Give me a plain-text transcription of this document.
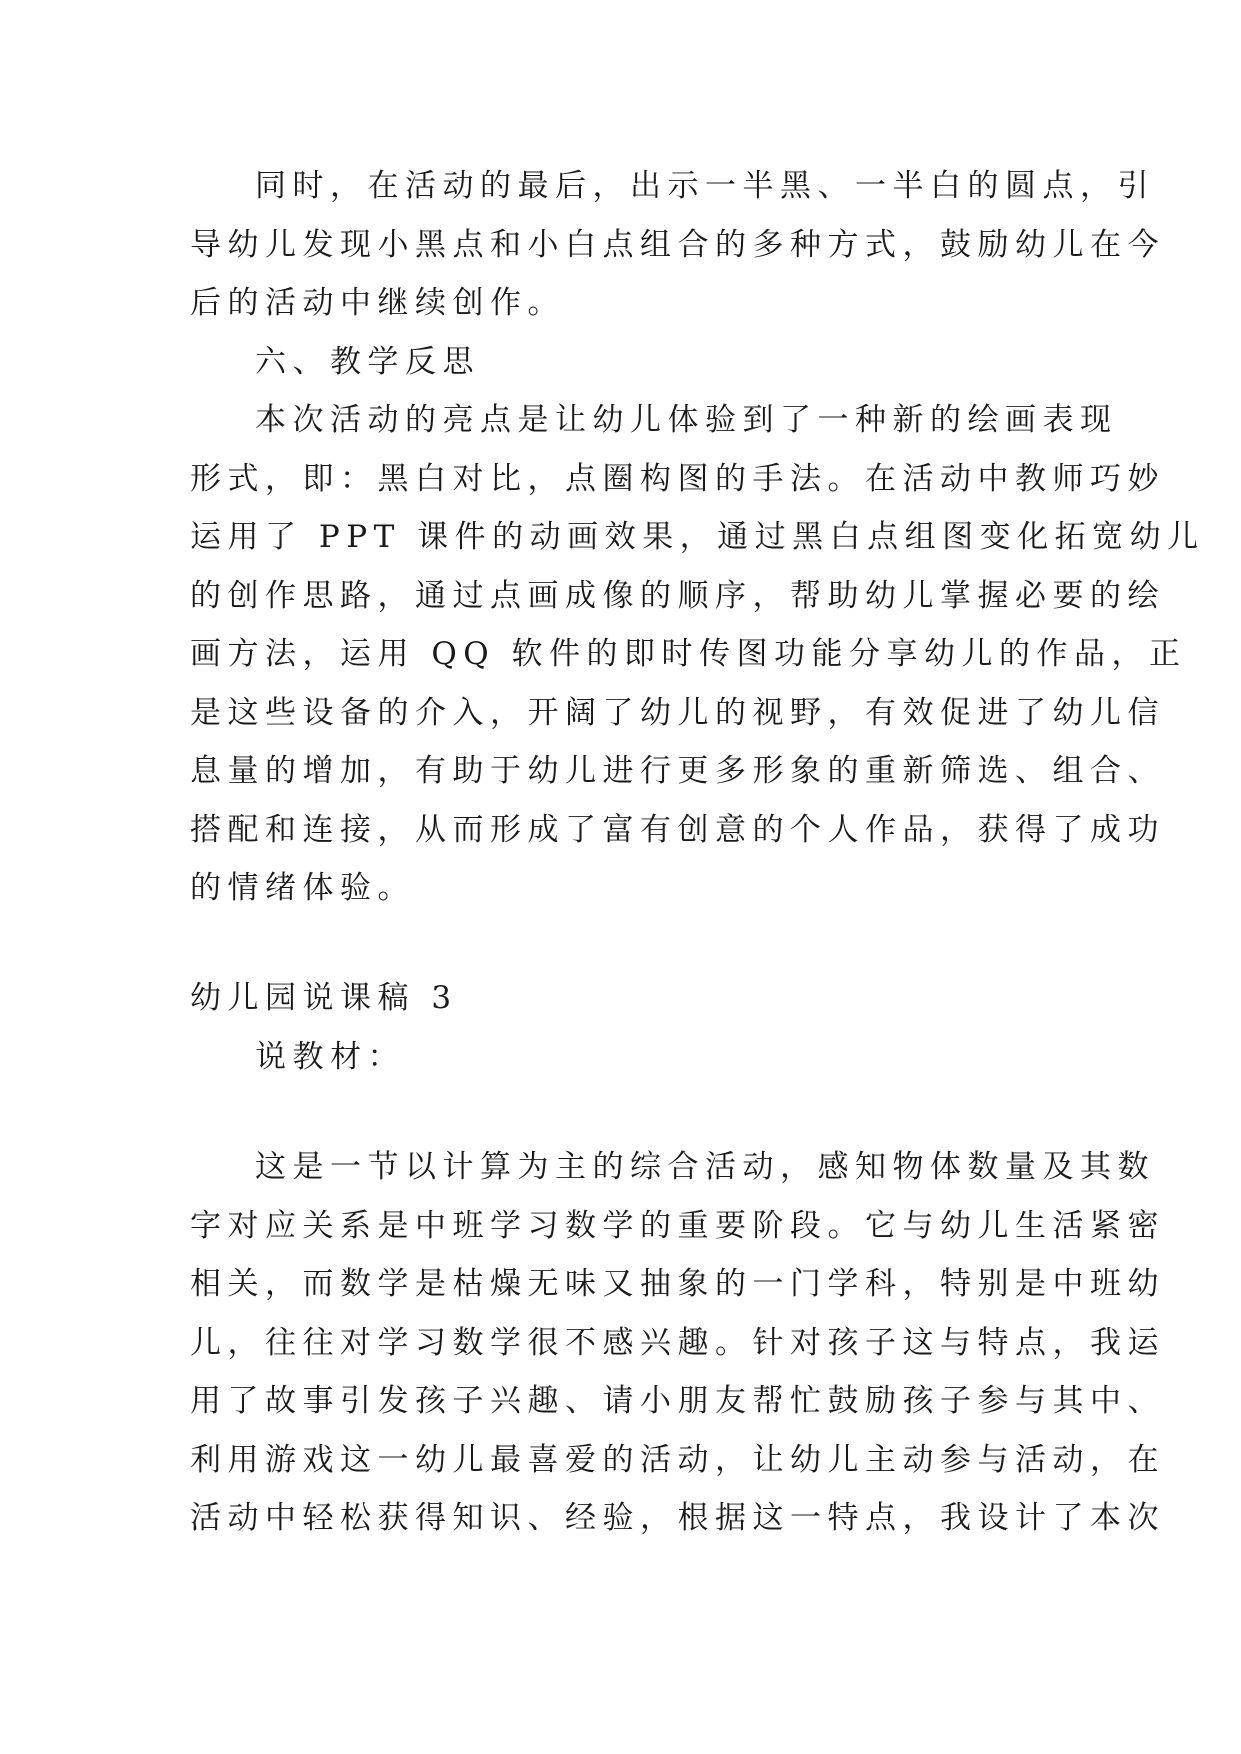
同时，在活动的最后，出示一半黑、一半白的圆点，引
导幼儿发现小黑点和小白点组合的多种方式，鼓励幼儿在今
后的活动中继续创作。
六、教学反思
本次活动的亮点是让幼儿体验到了一种新的绘画表现
形式，即：黑白对比，点圈构图的手法。在活动中教师巧妙
运用了 PPT 课件的动画效果，通过黑白点组图变化拓宽幼儿
的创作思路，通过点画成像的顺序，帮助幼儿掌握必要的绘
画方法，运用 QQ 软件的即时传图功能分享幼儿的作品，正
是这些设备的介入，开阔了幼儿的视野，有效促进了幼儿信
息量的增加，有助于幼儿进行更多形象的重新筛选、组合、
搭配和连接，从而形成了富有创意的个人作品，获得了成功
的情绪体验。
幼儿园说课稿 3
说教材：
这是一节以计算为主的综合活动，感知物体数量及其数
字对应关系是中班学习数学的重要阶段。它与幼儿生活紧密
相关，而数学是枯燥无味又抽象的一门学科，特别是中班幼
儿，往往对学习数学很不感兴趣。针对孩子这与特点，我运
用了故事引发孩子兴趣、请小朋友帮忙鼓励孩子参与其中、
利用游戏这一幼儿最喜爱的活动，让幼儿主动参与活动，在
活动中轻松获得知识、经验，根据这一特点，我设计了本次
